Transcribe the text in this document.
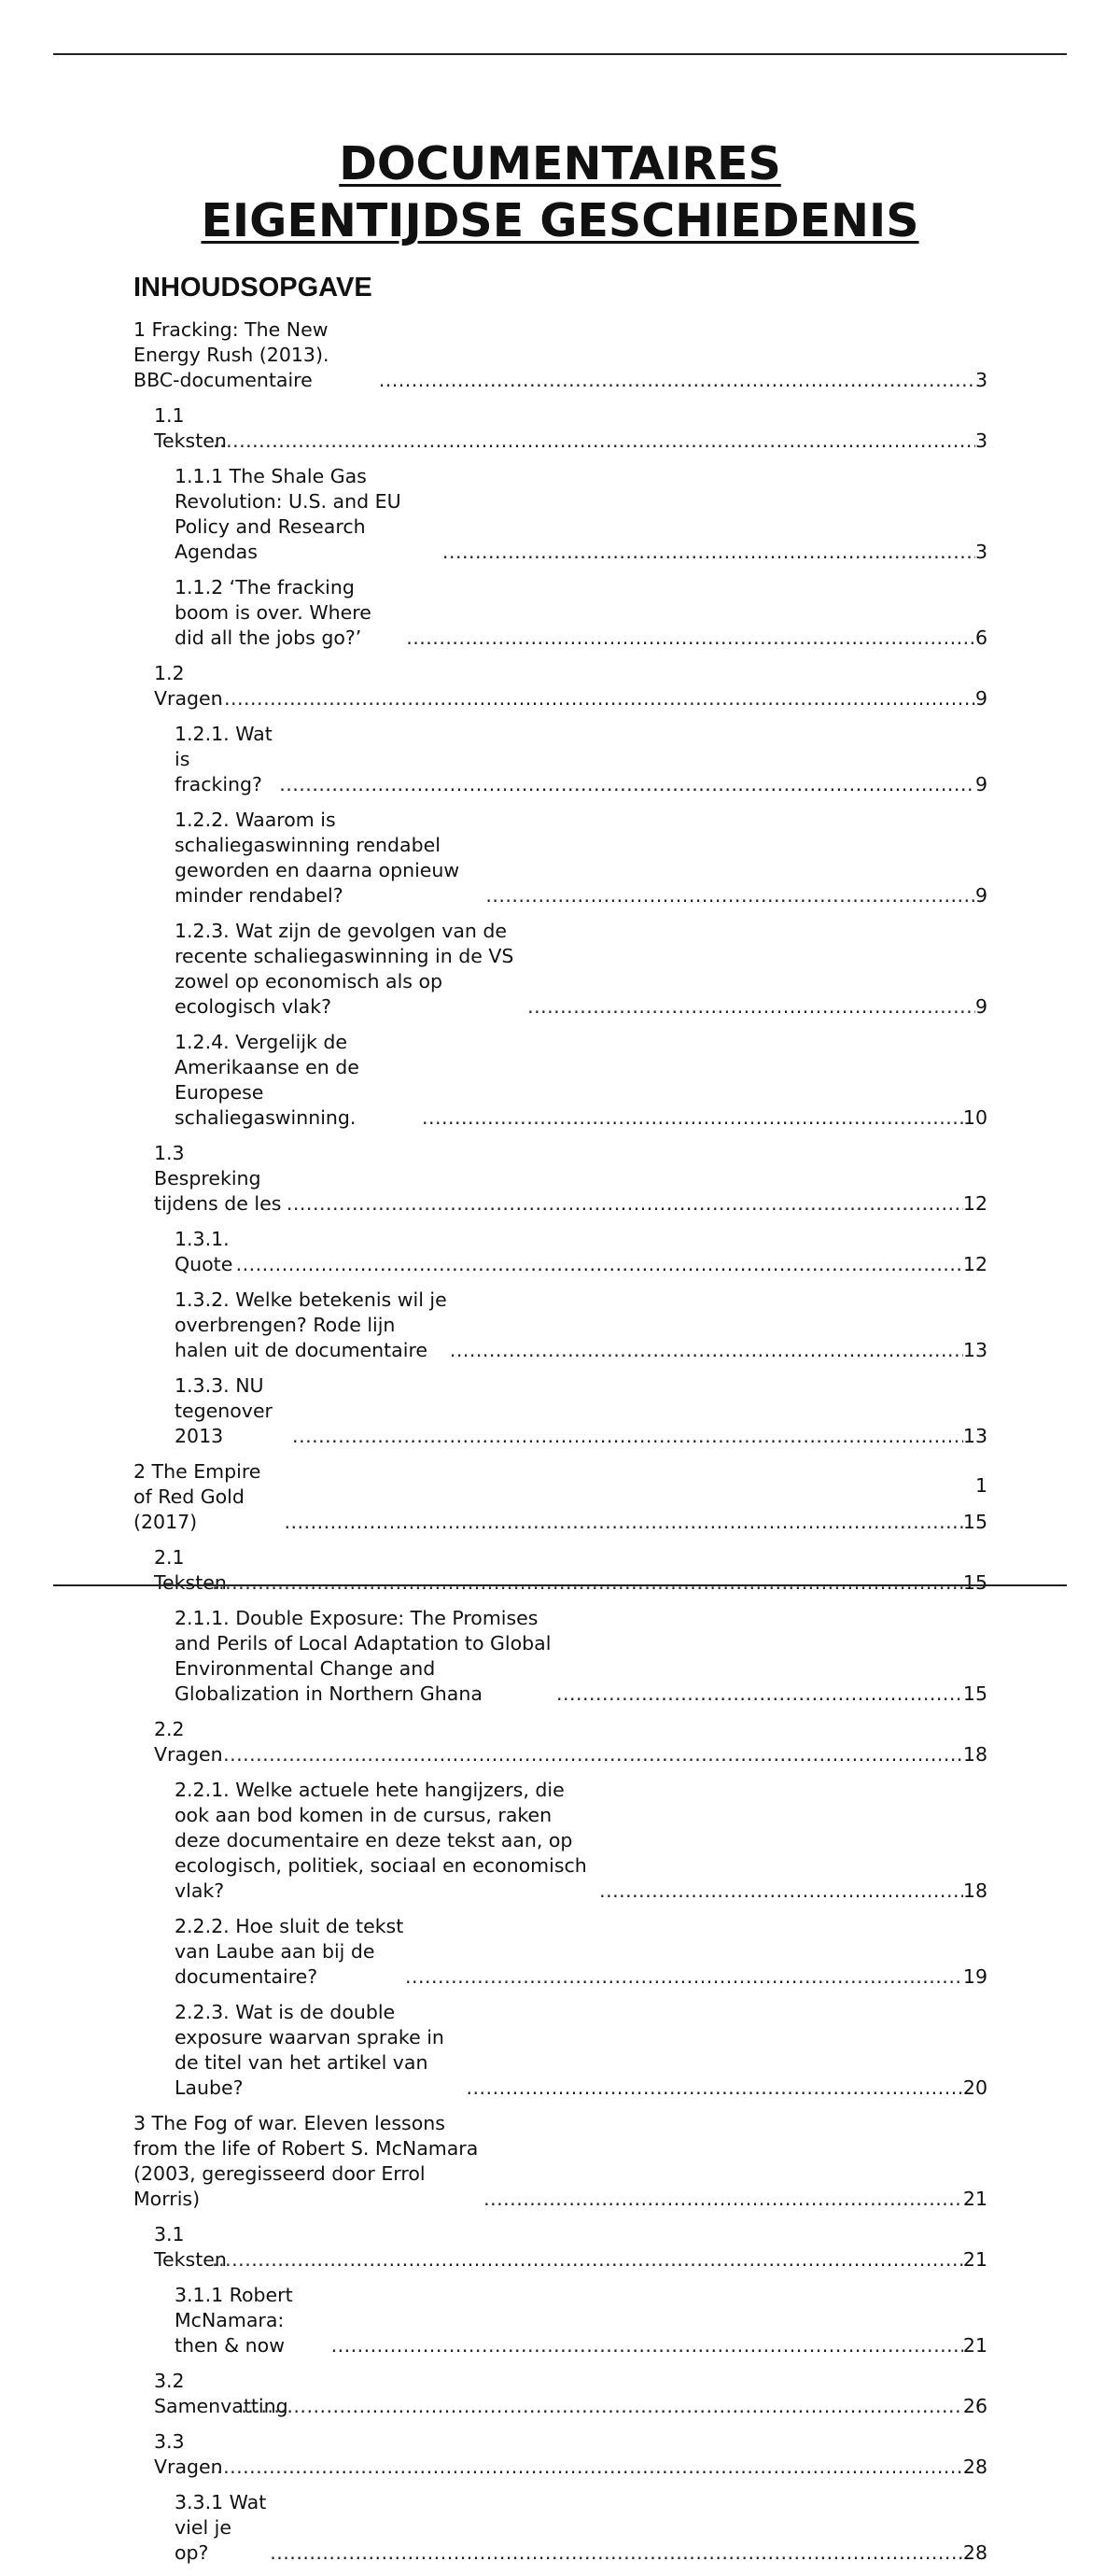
DOCUMENTAIRES
EIGENTIJDSE GESCHIEDENIS
INHOUDSOPGAVE
1 Fracking: The New Energy Rush (2013). BBC-documentaire .....	3
1.1 Teksten .....	3
1.1.1 The Shale Gas Revolution: U.S. and EU Policy and Research Agendas .....	3
1.1.2 ‘The fracking boom is over. Where did all the jobs go?’ .....	6
1.2 Vragen .....	9
1.2.1. Wat is fracking? .....	9
1.2.2. Waarom is schaliegaswinning rendabel geworden en daarna opnieuw minder rendabel? .....	9
1.2.3. Wat zijn de gevolgen van de recente schaliegaswinning in de VS zowel op economisch als op ecologisch vlak? .....	9
1.2.4. Vergelijk de Amerikaanse en de Europese schaliegaswinning. .....	10
1.3 Bespreking tijdens de les .....	12
1.3.1. Quote .....	12
1.3.2. Welke betekenis wil je overbrengen? Rode lijn halen uit de documentaire .....	13
1.3.3. NU tegenover 2013 .....	13
2 The Empire of Red Gold (2017) .....	15
2.1 Teksten .....	15
2.1.1. Double Exposure: The Promises and Perils of Local Adaptation to Global Environmental Change and Globalization in Northern Ghana .....	15
2.2 Vragen .....	18
2.2.1. Welke actuele hete hangijzers, die ook aan bod komen in de cursus, raken deze documentaire en deze tekst aan, op ecologisch, politiek, sociaal en economisch vlak? .....	18
2.2.2. Hoe sluit de tekst van Laube aan bij de documentaire? .....	19
2.2.3. Wat is de double exposure waarvan sprake in de titel van het artikel van Laube? .....	20
3 The Fog of war. Eleven lessons from the life of Robert S. McNamara (2003, geregisseerd door Errol Morris) .....	21
3.1 Teksten .....	21
3.1.1 Robert McNamara: then & now .....	21
3.2 Samenvatting .....	26
3.3 Vragen .....	28
3.3.1 Wat viel je op? .....	28
1
